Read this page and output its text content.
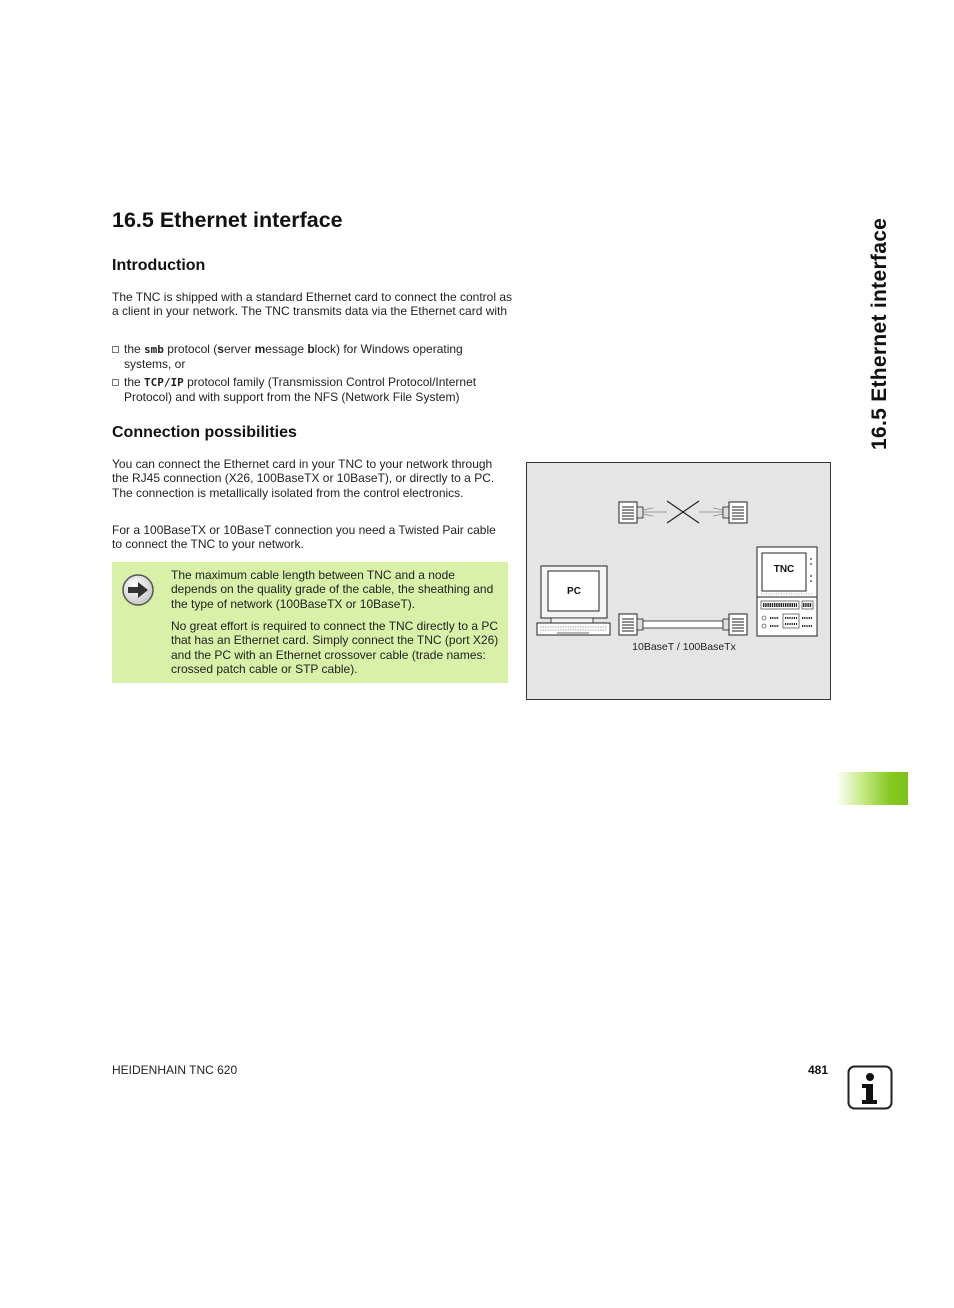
16.5 Ethernet interface	16.5 Ethernet interface
Introduction

The TNC is shipped with a standard Ethernet card to connect the control as a client in your network. The TNC transmits data via the Ethernet card with

the smb protocol (server message block) for Windows operating systems, or
the TCP/IP protocol family (Transmission Control Protocol/Internet Protocol) and with support from the NFS (Network File System)
Connection possibilities

You can connect the Ethernet card in your TNC to your network through the RJ45 connection (X26, 100BaseTX or 10BaseT), or directly to a PC. The connection is metallically isolated from the control electronics.

For a 100BaseTX or 10BaseT connection you need a Twisted Pair cable to connect the TNC to your network.

The maximum cable length between TNC and a node depends on the quality grade of the cable, the sheathing and the type of network (100BaseTX or 10BaseT).

No great effort is required to connect the TNC directly to a PC that has an Ethernet card. Simply connect the TNC (port X26) and the PC with an Ethernet crossover cable (trade names: crossed patch cable or STP cable).

PC
TNC
10BaseT / 100BaseTx
HEIDENHAIN TNC 620	481
